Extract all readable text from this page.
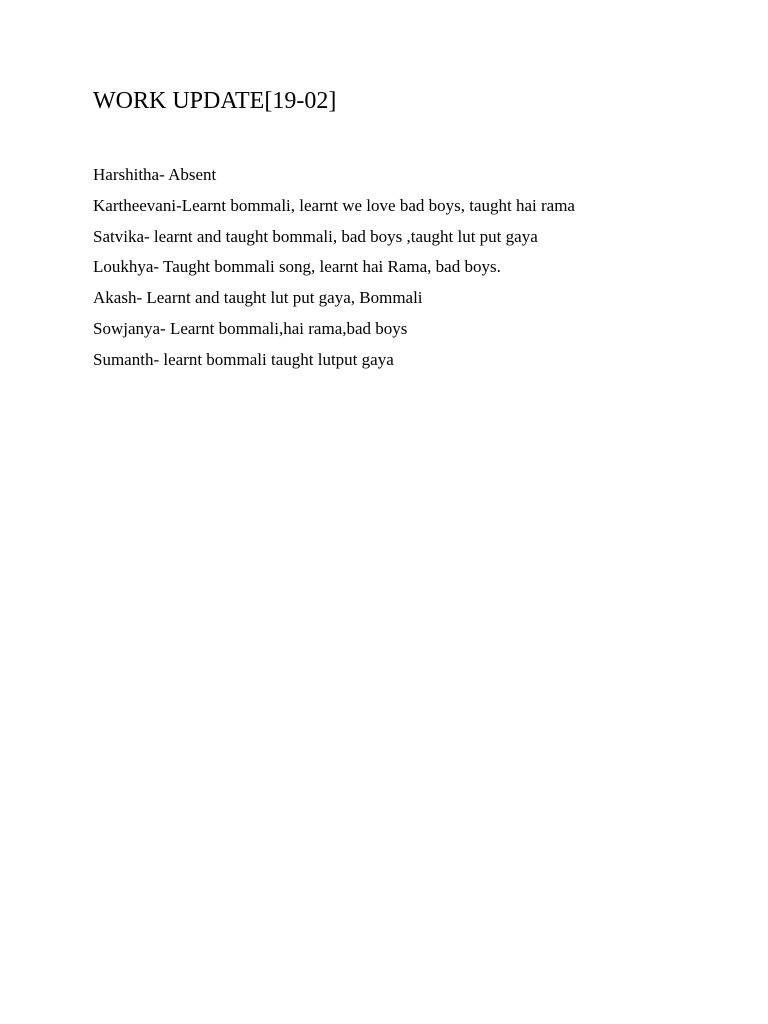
WORK UPDATE[19-02]
Harshitha- Absent
Kartheevani-Learnt bommali, learnt we love bad boys, taught hai rama
Satvika- learnt and taught bommali, bad boys ,taught lut put gaya
Loukhya- Taught bommali song, learnt hai Rama, bad boys.
Akash- Learnt and taught lut put gaya, Bommali
Sowjanya- Learnt bommali,hai rama,bad boys
Sumanth- learnt bommali taught lutput gaya
